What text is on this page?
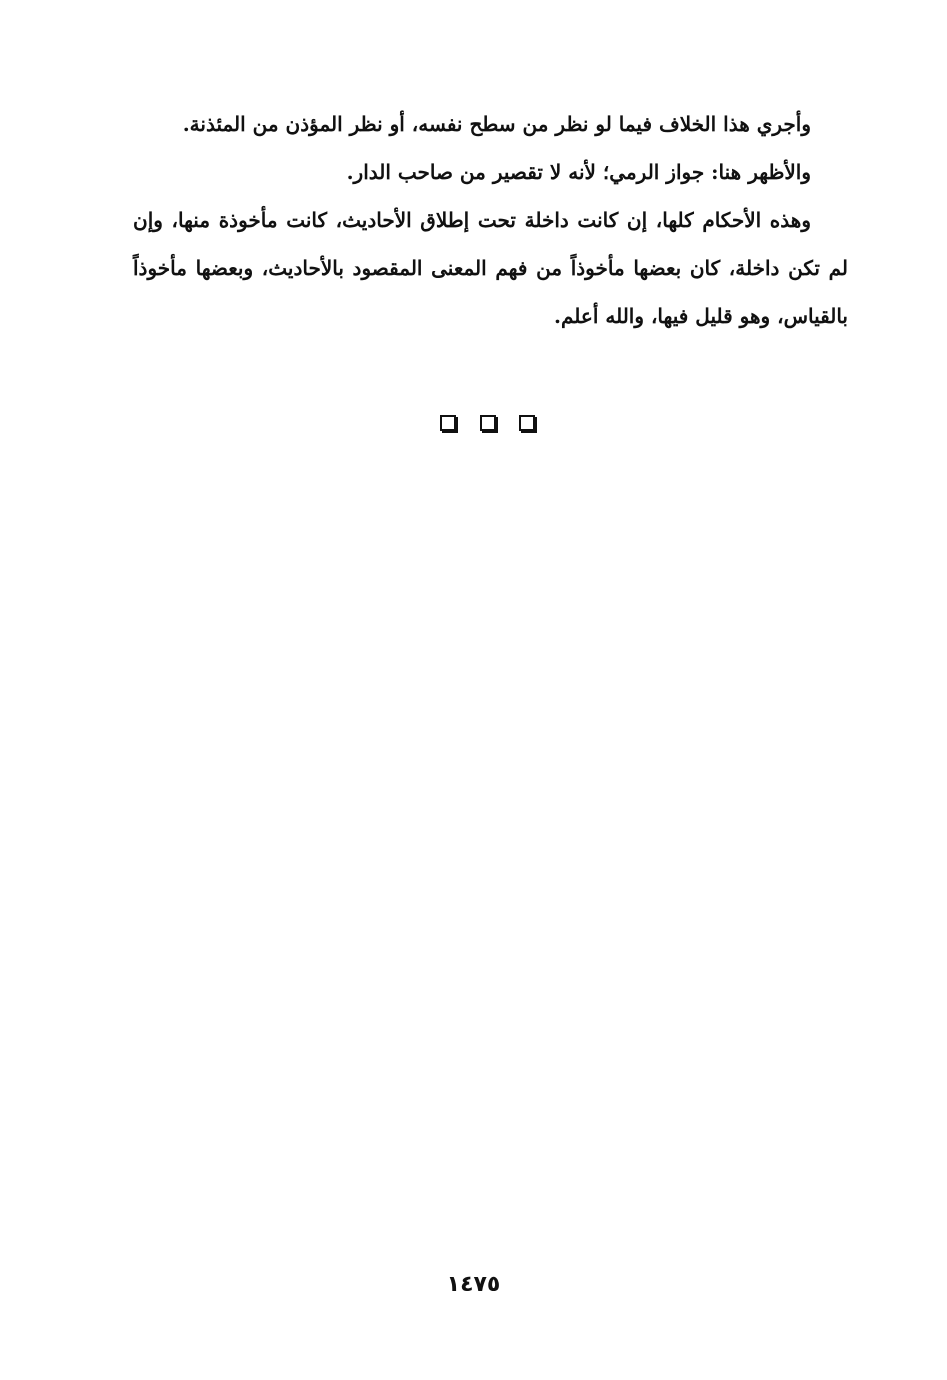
وأجري هذا الخلاف فيما لو نظر من سطح نفسه، أو نظر المؤذن من المئذنة.

والأظهر هنا: جواز الرمي؛ لأنه لا تقصير من صاحب الدار.

وهذه الأحكام كلها، إن كانت داخلة تحت إطلاق الأحاديث، كانت مأخوذة منها، وإن لم تكن داخلة، كان بعضها مأخوذاً من فهم المعنى المقصود بالأحاديث، وبعضها مأخوذاً بالقياس، وهو قليل فيها، والله أعلم.

١٤٧٥
